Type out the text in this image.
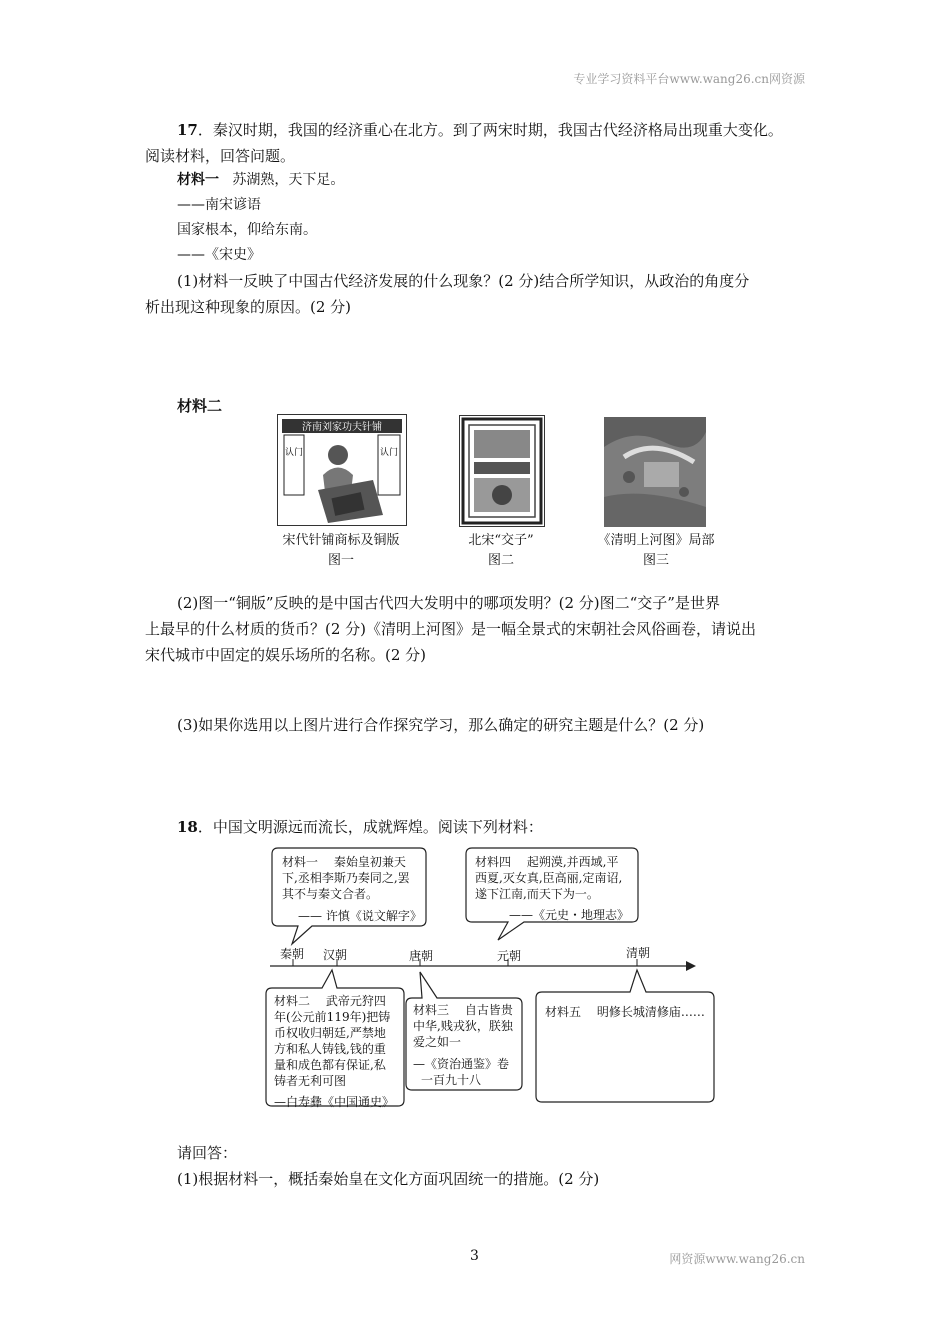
专业学习资料平台www.wang26.cn网资源
17．秦汉时期，我国的经济重心在北方。到了两宋时期，我国古代经济格局出现重大变化。
阅读材料，回答问题。
材料一 苏湖熟，天下足。
——南宋谚语
国家根本，仰给东南。
——《宋史》
(1)材料一反映了中国古代经济发展的什么现象？(2 分)结合所学知识，从政治的角度分
析出现这种现象的原因。(2 分)
材料二
济南刘家功夫针铺
认门	认门
宋代针铺商标及铜版
图一
北宋“交子”
图二
《清明上河图》局部
图三
(2)图一“铜版”反映的是中国古代四大发明中的哪项发明？(2 分)图二“交子”是世界
上最早的什么材质的货币？(2 分)《清明上河图》是一幅全景式的宋朝社会风俗画卷，请说出
宋代城市中固定的娱乐场所的名称。(2 分)
(3)如果你选用以上图片进行合作探究学习，那么确定的研究主题是什么？(2 分)
18．中国文明源远而流长，成就辉煌。阅读下列材料：
秦朝 汉朝	唐朝	元朝	清朝
材料一　 秦始皇初兼天
下,丞相李斯乃奏同之,罢
其不与秦文合者。
—— 许慎《说文解字》
材料四　 起朔漠,并西域,平
西夏,灭女真,臣高丽,定南诏,
遂下江南,而天下为一。
——《元史・地理志》
材料二　 武帝元狩四
年(公元前119年)把铸
币权收归朝廷,严禁地
方和私人铸钱,钱的重
量和成色都有保证,私
铸者无利可图
—白寿彝《中国通史》
材料三　 自古皆贵
中华,贱戎狄，朕独
爱之如一
—《资治通鉴》卷
一百九十八
材料五　 明修长城清修庙……
请回答：
(1)根据材料一，概括秦始皇在文化方面巩固统一的措施。(2 分)
3	网资源www.wang26.cn
